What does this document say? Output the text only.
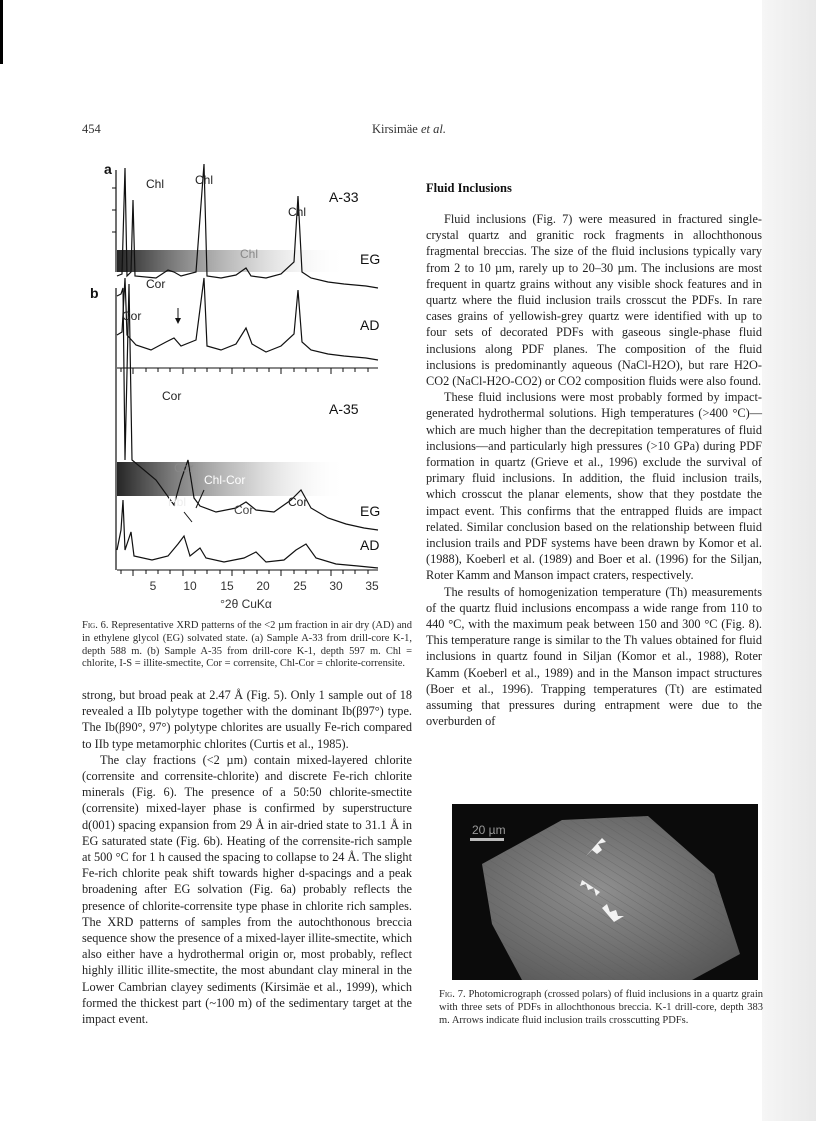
454	Kirsimäe et al.
a
Chl	Chl
Chl
Chl
I-S
A-33
EG
AD
b
Cor
Cor
Cor
Cor
Chl-Cor
Hbl
Cor
Cor
A-35
EG
AD
5 10 15 20 25 30 35
°2θ CuKα
Fig. 6. Representative XRD patterns of the <2 µm fraction in air dry (AD) and in ethylene glycol (EG) solvated state. (a) Sample A-33 from drill-core K-1, depth 588 m. (b) Sample A-35 from drill-core K-1, depth 597 m. Chl = chlorite, I-S = illite-smectite, Cor = corrensite, Chl-Cor = chlorite-corrensite.

strong, but broad peak at 2.47 Å (Fig. 5). Only 1 sample out of 18 revealed a IIb polytype together with the dominant Ib(β97°) type. The Ib(β90°, 97°) polytype chlorites are usually Fe-rich compared to IIb type metamorphic chlorites (Curtis et al., 1985).

The clay fractions (<2 µm) contain mixed-layered chlorite (corrensite and corrensite-chlorite) and discrete Fe-rich chlorite minerals (Fig. 6). The presence of a 50:50 chlorite-smectite (corrensite) mixed-layer phase is confirmed by superstructure d(001) spacing expansion from 29 Å in air-dried state to 31.1 Å in EG saturated state (Fig. 6b). Heating of the corrensite-rich sample at 500 °C for 1 h caused the spacing to collapse to 24 Å. The slight Fe-rich chlorite peak shift towards higher d-spacings and a peak broadening after EG solvation (Fig. 6a) probably reflects the presence of chlorite-corrensite type phase in chlorite rich samples. The XRD patterns of samples from the autochthonous breccia sequence show the presence of a mixed-layer illite-smectite, which also either have a hydrothermal origin or, most probably, reflect highly illitic illite-smectite, the most abundant clay mineral in the Lower Cambrian clayey sediments (Kirsimäe et al., 1999), which formed the thickest part (~100 m) of the sedimentary target at the impact event.

Fluid Inclusions

Fluid inclusions (Fig. 7) were measured in fractured single-crystal quartz and granitic rock fragments in allochthonous fragmental breccias. The size of the fluid inclusions typically vary from 2 to 10 µm, rarely up to 20–30 µm. The inclusions are most frequent in quartz grains without any visible shock features and in quartz where the fluid inclusion trails crosscut the PDFs. In rare cases grains of yellowish-grey quartz were identified with up to four sets of decorated PDFs with gaseous single-phase fluid inclusions along PDF planes. The composition of the fluid inclusions is predominantly aqueous (NaCl-H2O), but rare H2O-CO2 (NaCl-H2O-CO2) or CO2 composition fluids were also found.

These fluid inclusions were most probably formed by impact-generated hydrothermal solutions. High temperatures (>400 °C)—which are much higher than the decrepitation temperatures of fluid inclusions—and particularly high pressures (>10 GPa) during PDF formation in quartz (Grieve et al., 1996) exclude the survival of primary fluid inclusions. In addition, the fluid inclusion trails, which crosscut the planar elements, show that they postdate the impact event. This confirms that the entrapped fluids are impact related. Similar conclusion based on the relationship between fluid inclusion trails and PDF systems have been drawn by Komor et al. (1988), Koeberl et al. (1989) and Boer et al. (1996) for the Siljan, Roter Kamm and Manson impact craters, respectively.

The results of homogenization temperature (Th) measurements of the quartz fluid inclusions encompass a wide range from 110 to 440 °C, with the maximum peak between 150 and 300 °C (Fig. 8). This temperature range is similar to the Th values obtained for fluid inclusions in quartz found in Siljan (Komor et al., 1988), Roter Kamm (Koeberl et al., 1989) and in the Manson impact structures (Boer et al., 1996). Trapping temperatures (Tt) are estimated assuming that pressures during entrapment were due to the overburden of

20 µm
Fig. 7. Photomicrograph (crossed polars) of fluid inclusions in a quartz grain with three sets of PDFs in allochthonous breccia. K-1 drill-core, depth 383 m. Arrows indicate fluid inclusion trails crosscutting PDFs.
